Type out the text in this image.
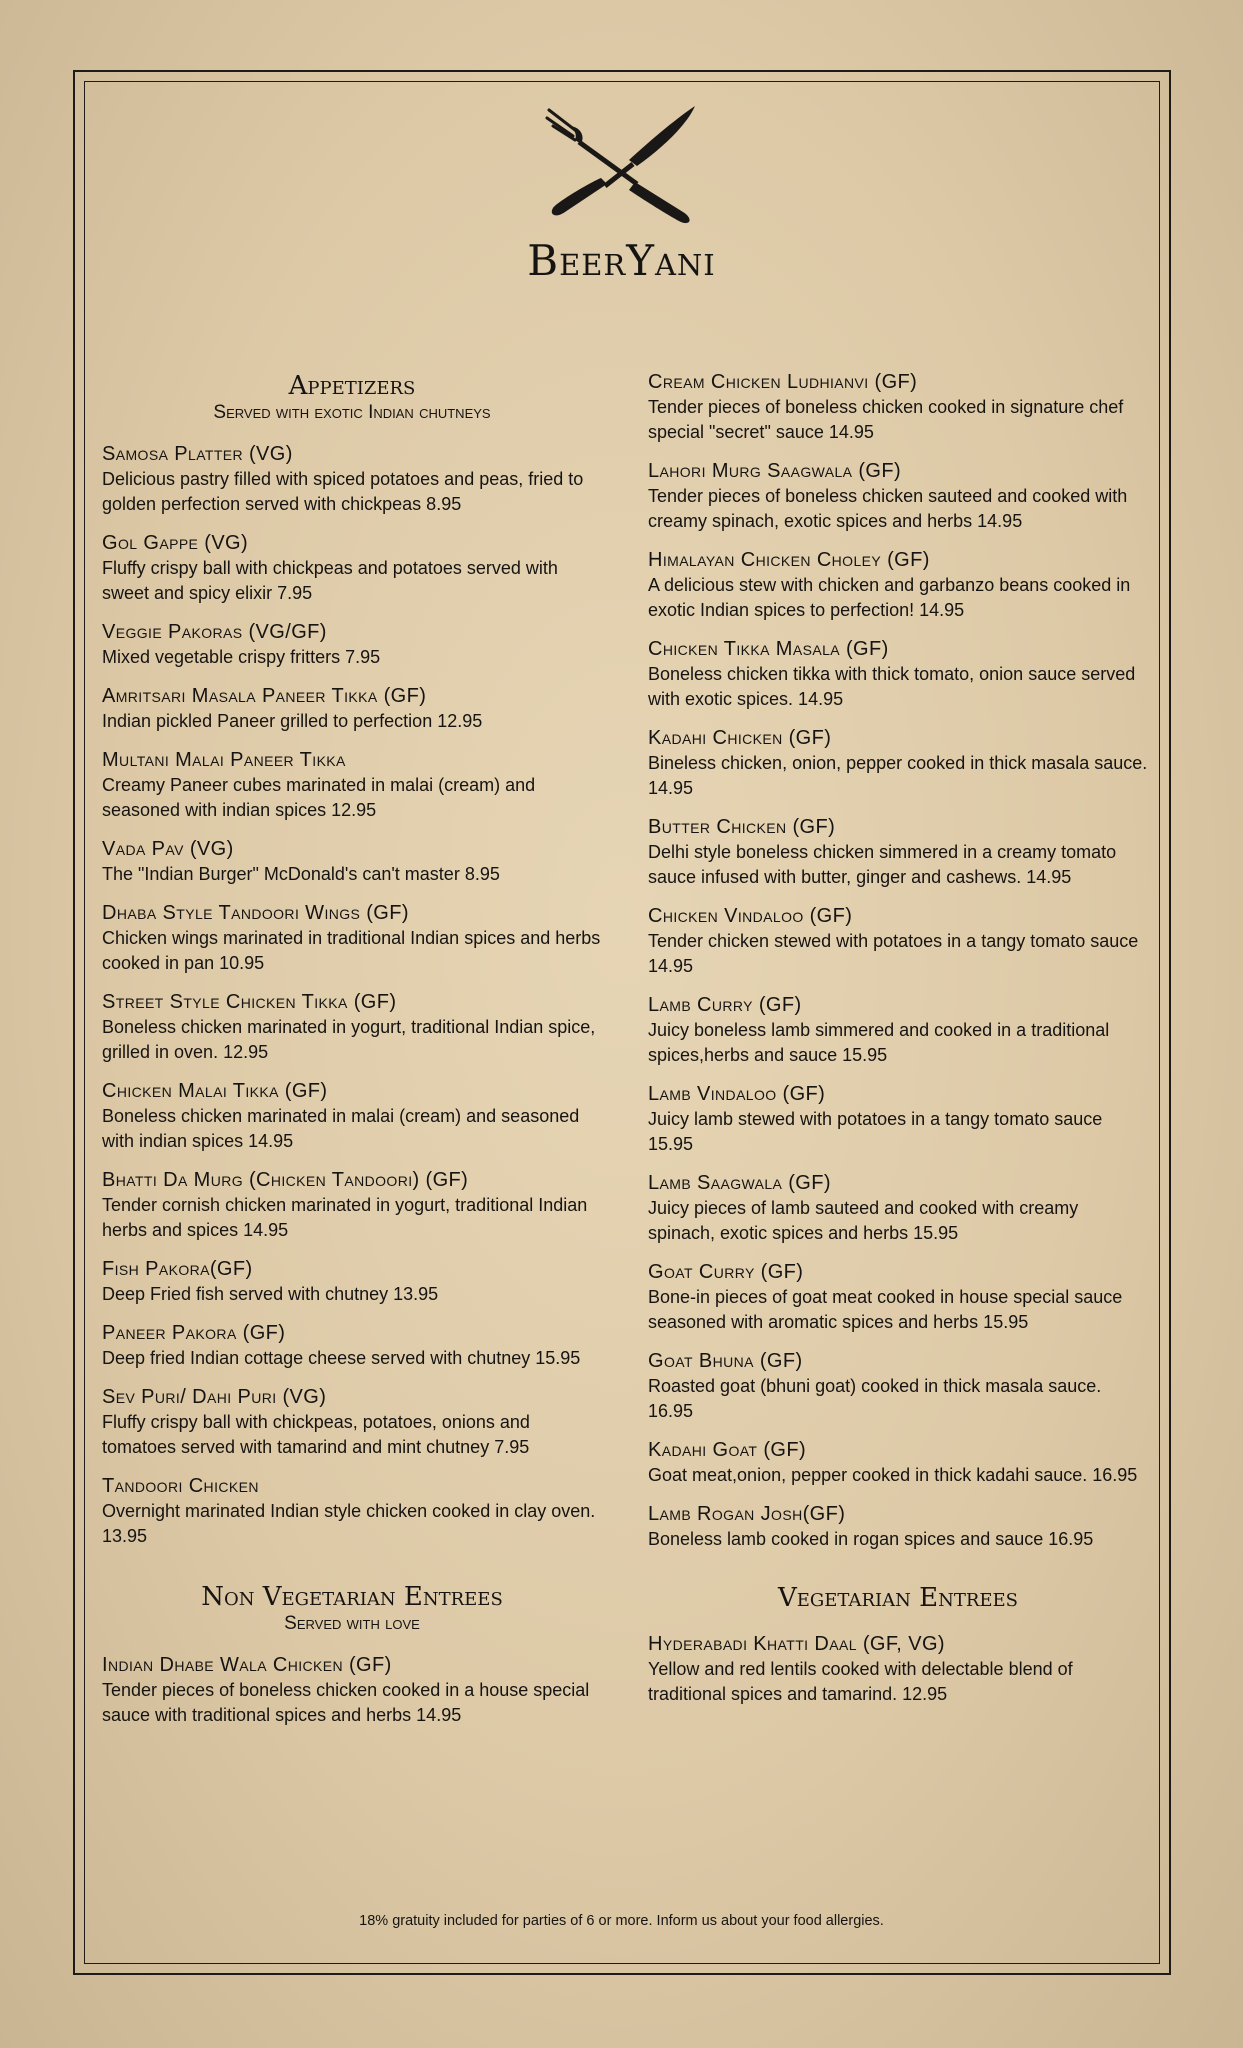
BeerYani
Appetizers
Served with exotic Indian chutneys
Samosa Platter (VG)
Delicious pastry filled with spiced potatoes and peas, fried to golden perfection served with chickpeas 8.95
Gol Gappe (VG)
Fluffy crispy ball with chickpeas and potatoes served with sweet and spicy elixir 7.95
Veggie Pakoras (VG/GF)
Mixed vegetable crispy fritters 7.95
Amritsari Masala Paneer Tikka (GF)
Indian pickled Paneer grilled to perfection 12.95
Multani Malai Paneer Tikka
Creamy Paneer cubes marinated in malai (cream) and seasoned with indian spices 12.95
Vada Pav (VG)
The "Indian Burger" McDonald's can't master 8.95
Dhaba Style Tandoori Wings (GF)
Chicken wings marinated in traditional Indian spices and herbs cooked in pan 10.95
Street Style Chicken Tikka (GF)
Boneless chicken marinated in yogurt, traditional Indian spice, grilled in oven. 12.95
Chicken Malai Tikka (GF)
Boneless chicken marinated in malai (cream) and seasoned with indian spices 14.95
Bhatti Da Murg (Chicken Tandoori) (GF)
Tender cornish chicken marinated in yogurt, traditional Indian herbs and spices 14.95
Fish Pakora(GF)
Deep Fried fish served with chutney 13.95
Paneer Pakora (GF)
Deep fried Indian cottage cheese served with chutney 15.95
Sev Puri/ Dahi Puri (VG)
Fluffy crispy ball with chickpeas, potatoes, onions and tomatoes served with tamarind and mint chutney 7.95
Tandoori Chicken
Overnight marinated Indian style chicken cooked in clay oven. 13.95
Non Vegetarian Entrees
Served with love
Indian Dhabe Wala Chicken (GF)
Tender pieces of boneless chicken cooked in a house special sauce with traditional spices and herbs 14.95
Cream Chicken Ludhianvi (GF)
Tender pieces of boneless chicken cooked in signature chef special "secret" sauce 14.95
Lahori Murg Saagwala (GF)
Tender pieces of boneless chicken sauteed and cooked with creamy spinach, exotic spices and herbs 14.95
Himalayan Chicken Choley (GF)
A delicious stew with chicken and garbanzo beans cooked in exotic Indian spices to perfection! 14.95
Chicken Tikka Masala (GF)
Boneless chicken tikka with thick tomato, onion sauce served with exotic spices. 14.95
Kadahi Chicken (GF)
Bineless chicken, onion, pepper cooked in thick masala sauce. 14.95
Butter Chicken (GF)
Delhi style boneless chicken simmered in a creamy tomato sauce infused with butter, ginger and cashews. 14.95
Chicken Vindaloo (GF)
Tender chicken stewed with potatoes in a tangy tomato sauce 14.95
Lamb Curry (GF)
Juicy boneless lamb simmered and cooked in a traditional spices,herbs and sauce 15.95
Lamb Vindaloo (GF)
Juicy lamb stewed with potatoes in a tangy tomato sauce 15.95
Lamb Saagwala (GF)
Juicy pieces of lamb sauteed and cooked with creamy spinach, exotic spices and herbs 15.95
Goat Curry (GF)
Bone-in pieces of goat meat cooked in house special sauce seasoned with aromatic spices and herbs 15.95
Goat Bhuna (GF)
Roasted goat (bhuni goat) cooked in thick masala sauce. 16.95
Kadahi Goat (GF)
Goat meat,onion, pepper cooked in thick kadahi sauce. 16.95
Lamb Rogan Josh(GF)
Boneless lamb cooked in rogan spices and sauce 16.95
Vegetarian Entrees
Hyderabadi Khatti Daal (GF, VG)
Yellow and red lentils cooked with delectable blend of traditional spices and tamarind. 12.95
18% gratuity included for parties of 6 or more. Inform us about your food allergies.
